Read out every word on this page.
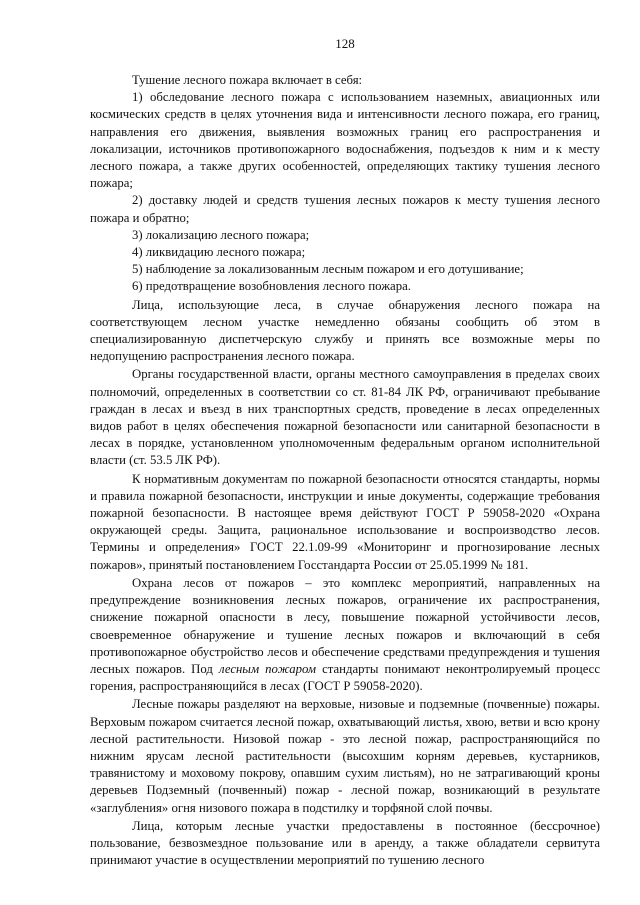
128

Тушение лесного пожара включает в себя:

1) обследование лесного пожара с использованием наземных, авиационных или космических средств в целях уточнения вида и интенсивности лесного пожара, его границ, направления его движения, выявления возможных границ его распространения и локализации, источников противопожарного водоснабжения, подъездов к ним и к месту лесного пожара, а также других особенностей, определяющих тактику тушения лесного пожара;

2) доставку людей и средств тушения лесных пожаров к месту тушения лесного пожара и обратно;

3) локализацию лесного пожара;

4) ликвидацию лесного пожара;

5) наблюдение за локализованным лесным пожаром и его дотушивание;

6) предотвращение возобновления лесного пожара.

Лица, использующие леса, в случае обнаружения лесного пожара на соответствующем лесном участке немедленно обязаны сообщить об этом в специализированную диспетчерскую службу и принять все возможные меры по недопущению распространения лесного пожара.

Органы государственной власти, органы местного самоуправления в пределах своих полномочий, определенных в соответствии со ст. 81-84 ЛК РФ, ограничивают пребывание граждан в лесах и въезд в них транспортных средств, проведение в лесах определенных видов работ в целях обеспечения пожарной безопасности или санитарной безопасности в лесах в порядке, установленном уполномоченным федеральным органом исполнительной власти (ст. 53.5 ЛК РФ).

К нормативным документам по пожарной безопасности относятся стандарты, нормы и правила пожарной безопасности, инструкции и иные документы, содержащие требования пожарной безопасности. В настоящее время действуют ГОСТ Р 59058-2020 «Охрана окружающей среды. Защита, рациональное использование и воспроизводство лесов. Термины и определения» ГОСТ 22.1.09-99 «Мониторинг и прогнозирование лесных пожаров», принятый постановлением Госстандарта России от 25.05.1999 № 181.

Охрана лесов от пожаров – это комплекс мероприятий, направленных на предупреждение возникновения лесных пожаров, ограничение их распространения, снижение пожарной опасности в лесу, повышение пожарной устойчивости лесов, своевременное обнаружение и тушение лесных пожаров и включающий в себя противопожарное обустройство лесов и обеспечение средствами предупреждения и тушения лесных пожаров. Под лесным пожаром стандарты понимают неконтролируемый процесс горения, распространяющийся в лесах (ГОСТ Р 59058-2020).

Лесные пожары разделяют на верховые, низовые и подземные (почвенные) пожары. Верховым пожаром считается лесной пожар, охватывающий листья, хвою, ветви и всю крону лесной растительности. Низовой пожар - это лесной пожар, распространяющийся по нижним ярусам лесной растительности (высохшим корням деревьев, кустарников, травянистому и моховому покрову, опавшим сухим листьям), но не затрагивающий кроны деревьев Подземный (почвенный) пожар - лесной пожар, возникающий в результате «заглубления» огня низового пожара в подстилку и торфяной слой почвы.

Лица, которым лесные участки предоставлены в постоянное (бессрочное) пользование, безвозмездное пользование или в аренду, а также обладатели сервитута принимают участие в осуществлении мероприятий по тушению лесного
